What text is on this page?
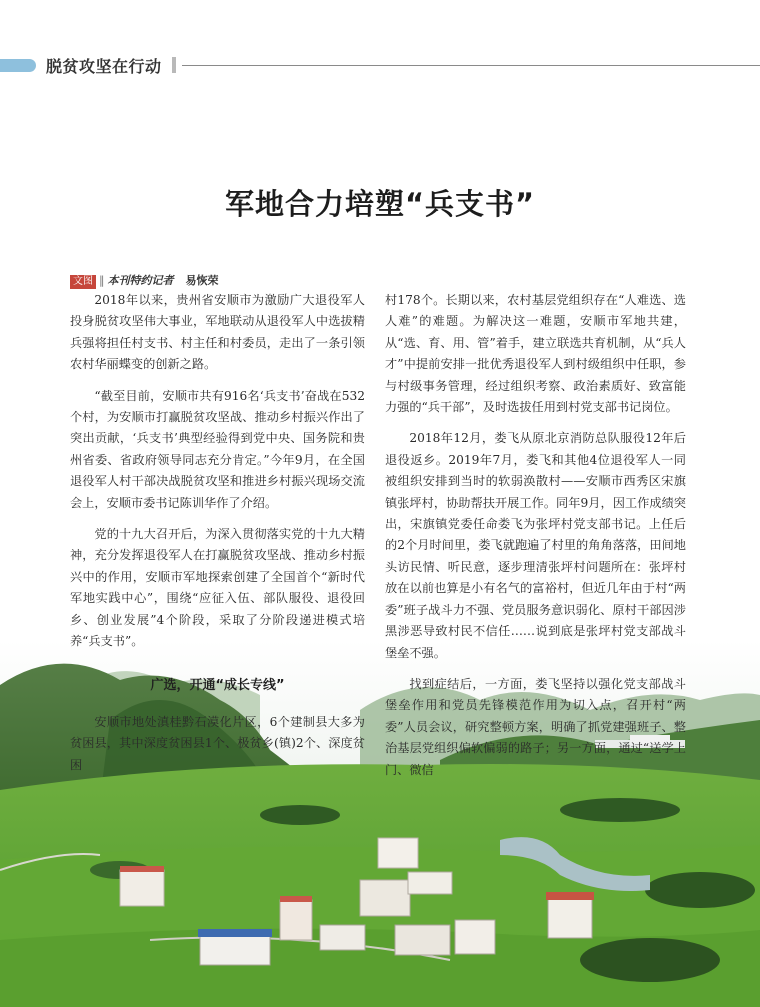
脱贫攻坚在行动
军地合力培塑“兵支书”
文图 ‖ 本刊特约记者 易恢荣

2018年以来，贵州省安顺市为激励广大退役军人投身脱贫攻坚伟大事业，军地联动从退役军人中选拔精兵强将担任村支书、村主任和村委员，走出了一条引领农村华丽蝶变的创新之路。

“截至目前，安顺市共有916名‘兵支书’奋战在532个村，为安顺市打赢脱贫攻坚战、推动乡村振兴作出了突出贡献，‘兵支书’典型经验得到党中央、国务院和贵州省委、省政府领导同志充分肯定。”今年9月，在全国退役军人村干部决战脱贫攻坚和推进乡村振兴现场交流会上，安顺市委书记陈训华作了介绍。

党的十九大召开后，为深入贯彻落实党的十九大精神，充分发挥退役军人在打赢脱贫攻坚战、推动乡村振兴中的作用，安顺市军地探索创建了全国首个“新时代军地实践中心”，围绕“应征入伍、部队服役、退役回乡、创业发展”4个阶段，采取了分阶段递进模式培养“兵支书”。

广选，开通“成长专线”

安顺市地处滇桂黔石漠化片区，6个建制县大多为贫困县，其中深度贫困县1个、极贫乡(镇)2个、深度贫困

村178个。长期以来，农村基层党组织存在“人难选、选人难”的难题。为解决这一难题，安顺市军地共建，从“选、育、用、管”着手，建立联选共育机制，从“兵人才”中提前安排一批优秀退役军人到村级组织中任职，参与村级事务管理，经过组织考察、政治素质好、致富能力强的“兵干部”，及时选拔任用到村党支部书记岗位。

2018年12月，娄飞从原北京消防总队服役12年后退役返乡。2019年7月，娄飞和其他4位退役军人一同被组织安排到当时的软弱涣散村——安顺市西秀区宋旗镇张坪村，协助帮扶开展工作。同年9月，因工作成绩突出，宋旗镇党委任命娄飞为张坪村党支部书记。上任后的2个月时间里，娄飞就跑遍了村里的角角落落，田间地头访民情、听民意，逐步理清张坪村问题所在：张坪村放在以前也算是小有名气的富裕村，但近几年由于村“两委”班子战斗力不强、党员服务意识弱化、原村干部因涉黑涉恶导致村民不信任……说到底是张坪村党支部战斗堡垒不强。

找到症结后，一方面，娄飞坚持以强化党支部战斗堡垒作用和党员先锋模范作用为切入点，召开村“两委”人员会议，研究整顿方案，明确了抓党建强班子、整治基层党组织偏软偏弱的路子；另一方面，通过“送学上门、微信
